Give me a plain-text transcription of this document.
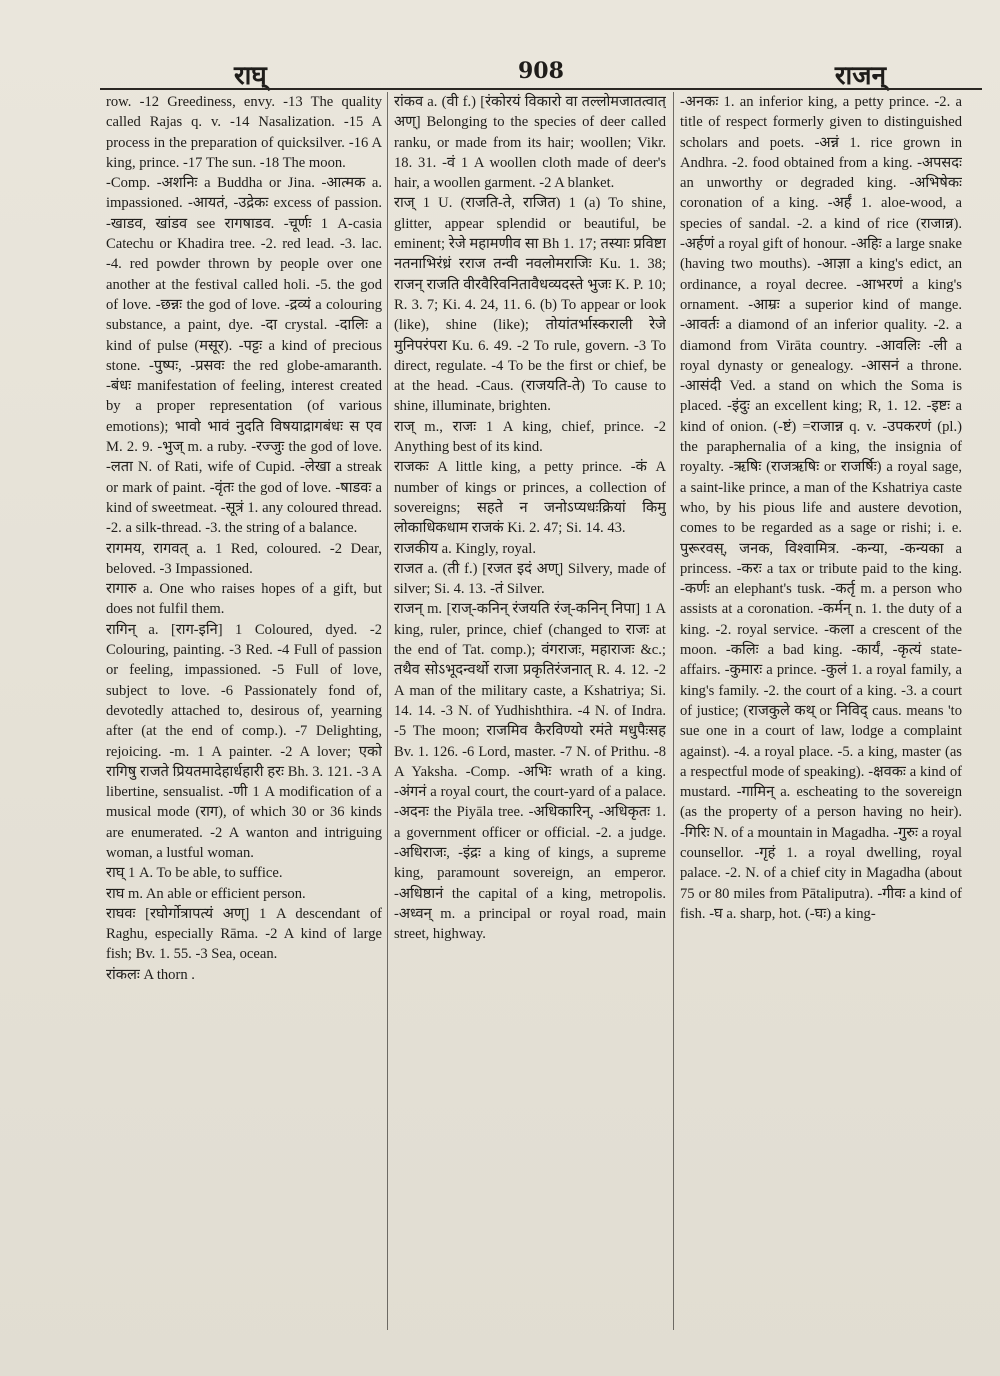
राघ्	908	राजन्

row. -12 Greediness, envy. -13 The quality called Rajas q. v. -14 Nasalization. -15 A process in the preparation of quicksilver. -16 A king, prince. -17 The sun. -18 The moon.

-Comp. -अशनिः a Buddha or Jina. -आत्मक a. impassioned. -आयतं, -उद्रेकः excess of passion. -खाडव, खांडव see रागषाडव. -चूर्णः 1 A-casia Catechu or Khadira tree. -2. red lead. -3. lac. -4. red powder thrown by people over one another at the festival called holi. -5. the god of love. -छन्नः the god of love. -द्रव्यं a colouring substance, a paint, dye. -दा crystal. -दालिः a kind of pulse (मसूर). -पट्टः a kind of precious stone. -पुष्पः, -प्रसवः the red globe-amaranth. -बंधः manifestation of feeling, interest created by a proper representation (of various emotions); भावो भावं नुदति विषयाद्रागबंधः स एव M. 2. 9. -भुज् m. a ruby. -रज्जुः the god of love. -लता N. of Rati, wife of Cupid. -लेखा a streak or mark of paint. -वृंतः the god of love. -षाडवः a kind of sweetmeat. -सूत्रं 1. any coloured thread. -2. a silk-thread. -3. the string of a balance.

रागमय, रागवत् a. 1 Red, coloured. -2 Dear, beloved. -3 Impassioned.

रागारु a. One who raises hopes of a gift, but does not fulfil them.

रागिन् a. [राग-इनि] 1 Coloured, dyed. -2 Colouring, painting. -3 Red. -4 Full of passion or feeling, impassioned. -5 Full of love, subject to love. -6 Passionately fond of, devotedly attached to, desirous of, yearning after (at the end of comp.). -7 Delighting, rejoicing. -m. 1 A painter. -2 A lover; एको रागिषु राजते प्रियतमादेहार्धहारी हरः Bh. 3. 121. -3 A libertine, sensualist. -णी 1 A modification of a musical mode (राग), of which 30 or 36 kinds are enumerated. -2 A wanton and intriguing woman, a lustful woman.

राघ् 1 A. To be able, to suffice.

राघ m. An able or efficient person.

राघवः [रघोर्गोत्रापत्यं अण्] 1 A descendant of Raghu, especially Rāma. -2 A kind of large fish; Bv. 1. 55. -3 Sea, ocean.

रांकलः A thorn .

रांकव a. (वी f.) [रंकोरयं विकारो वा तल्लोमजातत्वात् अण्] Belonging to the species of deer called ranku, or made from its hair; woollen; Vikr. 18. 31. -वं 1 A woollen cloth made of deer's hair, a woollen garment. -2 A blanket.

राज् 1 U. (राजति-ते, राजित) 1 (a) To shine, glitter, appear splendid or beautiful, be eminent; रेजे महामणीव सा Bh 1. 17; तस्याः प्रविष्टा नतनाभिरंध्रं रराज तन्वी नवलोमराजिः Ku. 1. 38; राजन् राजति वीरवैरिवनितावैधव्यदस्ते भुजः K. P. 10; R. 3. 7; Ki. 4. 24, 11. 6. (b) To appear or look (like), shine (like); तोयांतर्भास्कराली रेजे मुनिपरंपरा Ku. 6. 49. -2 To rule, govern. -3 To direct, regulate. -4 To be the first or chief, be at the head. -Caus. (राजयति-ते) To cause to shine, illuminate, brighten.

राज् m., राजः 1 A king, chief, prince. -2 Anything best of its kind.

राजकः A little king, a petty prince. -कं A number of kings or princes, a collection of sovereigns; सहते न जनोऽप्यधःक्रियां किमु लोकाधिकधाम राजकं Ki. 2. 47; Si. 14. 43.

राजकीय a. Kingly, royal.

राजत a. (ती f.) [रजत इदं अण्] Silvery, made of silver; Si. 4. 13. -तं Silver.

राजन् m. [राज्-कनिन् रंजयति रंज्-कनिन् निपा] 1 A king, ruler, prince, chief (changed to राजः at the end of Tat. comp.); वंगराजः, महाराजः &c.; तथैव सोऽभूदन्वर्थो राजा प्रकृतिरंजनात् R. 4. 12. -2 A man of the military caste, a Kshatriya; Si. 14. 14. -3 N. of Yudhishthira. -4 N. of Indra. -5 The moon; राजमिव कैरविण्यो रमंते मधुपैःसह Bv. 1. 126. -6 Lord, master. -7 N. of Prithu. -8 A Yaksha. -Comp. -अभिः wrath of a king. -अंगनं a royal court, the court-yard of a palace. -अदनः the Piyāla tree. -अधिकारिन्, -अधिकृतः 1. a government officer or official. -2. a judge. -अधिराजः, -इंद्रः a king of kings, a supreme king, paramount sovereign, an emperor. -अधिष्ठानं the capital of a king, metropolis. -अध्वन् m. a principal or royal road, main street, highway.

-अनकः 1. an inferior king, a petty prince. -2. a title of respect formerly given to distinguished scholars and poets. -अन्नं 1. rice grown in Andhra. -2. food obtained from a king. -अपसदः an unworthy or degraded king. -अभिषेकः coronation of a king. -अर्हं 1. aloe-wood, a species of sandal. -2. a kind of rice (राजान्न). -अर्हणं a royal gift of honour. -अहिः a large snake (having two mouths). -आज्ञा a king's edict, an ordinance, a royal decree. -आभरणं a king's ornament. -आम्रः a superior kind of mange. -आवर्तः a diamond of an inferior quality. -2. a diamond from Virāta country. -आवलिः -ली a royal dynasty or genealogy. -आसनं a throne. -आसंदी Ved. a stand on which the Soma is placed. -इंदुः an excellent king; R, 1. 12. -इष्टः a kind of onion. (-ष्टं) =राजान्न q. v. -उपकरणं (pl.) the paraphernalia of a king, the insignia of royalty. -ऋषिः (राजऋषिः or राजर्षिः) a royal sage, a saint-like prince, a man of the Kshatriya caste who, by his pious life and austere devotion, comes to be regarded as a sage or rishi; i. e. पुरूरवस्, जनक, विश्वामित्र. -कन्या, -कन्यका a princess. -करः a tax or tribute paid to the king. -कर्णः an elephant's tusk. -कर्तृ m. a person who assists at a coronation. -कर्मन् n. 1. the duty of a king. -2. royal service. -कला a crescent of the moon. -कलिः a bad king. -कार्यं, -कृत्यं state-affairs. -कुमारः a prince. -कुलं 1. a royal family, a king's family. -2. the court of a king. -3. a court of justice; (राजकुले कथ् or निविद् caus. means 'to sue one in a court of law, lodge a complaint against). -4. a royal place. -5. a king, master (as a respectful mode of speaking). -क्षवकः a kind of mustard. -गामिन् a. escheating to the sovereign (as the property of a person having no heir). -गिरिः N. of a mountain in Magadha. -गुरुः a royal counsellor. -गृहं 1. a royal dwelling, royal palace. -2. N. of a chief city in Magadha (about 75 or 80 miles from Pātaliputra). -गीवः a kind of fish. -घ a. sharp, hot. (-घः) a king-
